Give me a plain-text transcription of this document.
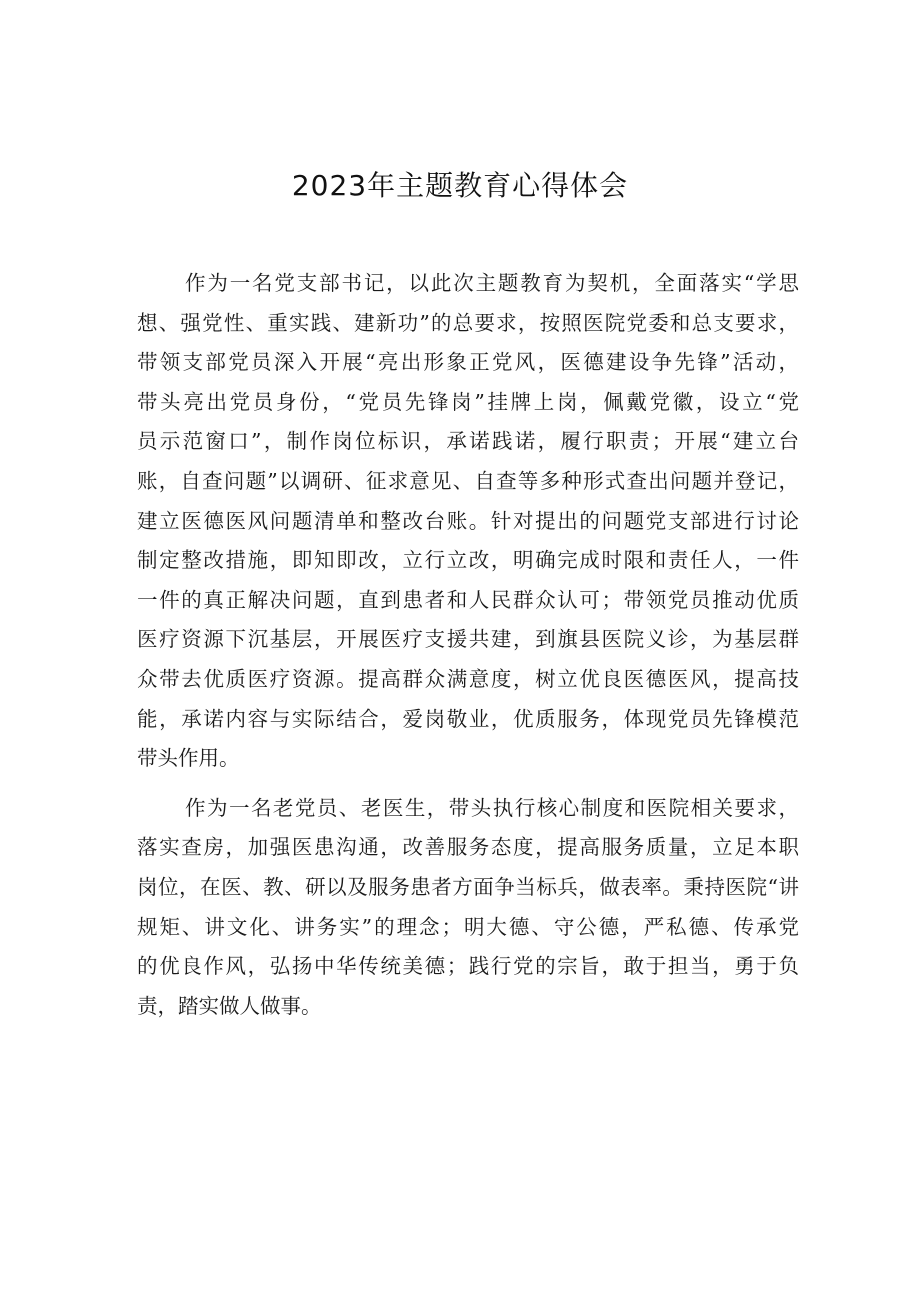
2023年主题教育心得体会
作为一名党支部书记，以此次主题教育为契机，全面落实“学思
想、强党性、重实践、建新功”的总要求，按照医院党委和总支要求，
带领支部党员深入开展“亮出形象正党风，医德建设争先锋”活动，
带头亮出党员身份，“党员先锋岗”挂牌上岗，佩戴党徽，设立“党
员示范窗口”，制作岗位标识，承诺践诺，履行职责；开展“建立台
账，自查问题”以调研、征求意见、自查等多种形式查出问题并登记，
建立医德医风问题清单和整改台账。针对提出的问题党支部进行讨论
制定整改措施，即知即改，立行立改，明确完成时限和责任人，一件
一件的真正解决问题，直到患者和人民群众认可；带领党员推动优质
医疗资源下沉基层，开展医疗支援共建，到旗县医院义诊，为基层群
众带去优质医疗资源。提高群众满意度，树立优良医德医风，提高技
能，承诺内容与实际结合，爱岗敬业，优质服务，体现党员先锋模范
带头作用。
作为一名老党员、老医生，带头执行核心制度和医院相关要求，
落实查房，加强医患沟通，改善服务态度，提高服务质量，立足本职
岗位，在医、教、研以及服务患者方面争当标兵，做表率。秉持医院“讲
规矩、讲文化、讲务实”的理念；明大德、守公德，严私德、传承党
的优良作风，弘扬中华传统美德；践行党的宗旨，敢于担当，勇于负
责，踏实做人做事。
